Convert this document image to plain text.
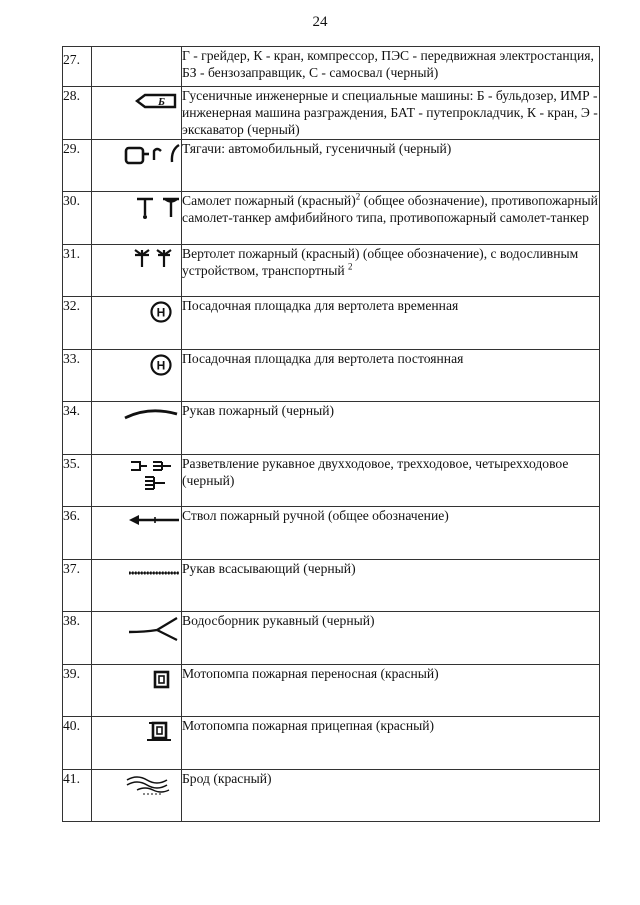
24
27.		Г - грейдер, К - кран, компрессор, ПЭС - передвижная электростанция, БЗ - бензозаправщик, С - самосвал (черный)
28.	Б	Гусеничные инженерные и специальные машины: Б - бульдозер, ИМР - инженерная машина разграждения, БАТ - путепрокладчик, К - кран, Э - экскаватор (черный)
29.		Тягачи: автомобильный, гусеничный (черный)
30.		Самолет пожарный (красный)$^2$ (общее обозначение), противопожарный самолет-танкер амфибийного типа, противопожарный самолет-танкер
31.		Вертолет пожарный (красный) (общее обозначение), с водосливным устройством, транспортный $^2$
32.	H	Посадочная площадка для вертолета временная
33.	H	Посадочная площадка для вертолета постоянная
34.		Рукав пожарный (черный)
35.		Разветвление рукавное двухходовое, трехходовое, четырехходовое (черный)
36.		Ствол пожарный ручной (общее обозначение)
37.		Рукав всасывающий (черный)
38.		Водосборник рукавный (черный)
39.		Мотопомпа пожарная переносная (красный)
40.		Мотопомпа пожарная прицепная (красный)
41.		Брод (красный)
